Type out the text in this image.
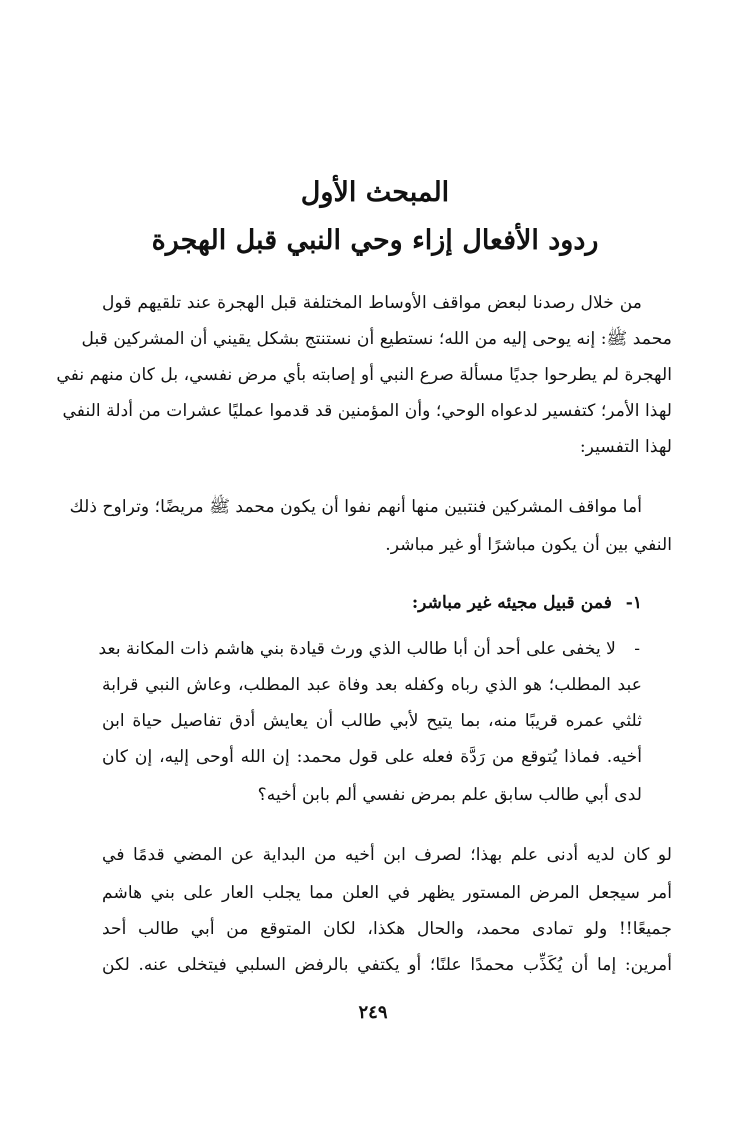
المبحث الأول
ردود الأفعال إزاء وحي النبي قبل الهجرة
من خلال رصدنا لبعض مواقف الأوساط المختلفة قبل الهجرة عند تلقيهم قول
محمد ﷺ: إنه يوحى إليه من الله؛ نستطيع أن نستنتج بشكل يقيني أن المشركين قبل
الهجرة لم يطرحوا جديًا مسألة صرع النبي أو إصابته بأي مرض نفسي، بل كان منهم نفي
لهذا الأمر؛ كتفسير لدعواه الوحي؛ وأن المؤمنين قد قدموا عمليًا عشرات من أدلة النفي
لهذا التفسير:
أما مواقف المشركين فنتبين منها أنهم نفوا أن يكون محمد ﷺ مريضًا؛ وتراوح ذلك
النفي بين أن يكون مباشرًا أو غير مباشر.
١-
فمن قبيل مجيئه غير مباشر:
-
لا يخفى على أحد أن أبا طالب الذي ورث قيادة بني هاشم ذات المكانة بعد
عبد المطلب؛ هو الذي رباه وكفله بعد وفاة عبد المطلب، وعاش النبي قرابة
ثلثي عمره قريبًا منه، بما يتيح لأبي طالب أن يعايش أدق تفاصيل حياة ابن
أخيه. فماذا يُتوقع من رَدَّة فعله على قول محمد: إن الله أوحى إليه، إن كان
لدى أبي طالب سابق علم بمرض نفسي ألم بابن أخيه؟
لو كان لديه أدنى علم بهذا؛ لصرف ابن أخيه من البداية عن المضي قدمًا في
أمر سيجعل المرض المستور يظهر في العلن مما يجلب العار على بني هاشم
جميعًا!! ولو تمادى محمد، والحال هكذا، لكان المتوقع من أبي طالب أحد
أمرين: إما أن يُكَذِّب محمدًا علنًا؛ أو يكتفي بالرفض السلبي فيتخلى عنه. لكن
٢٤٩
